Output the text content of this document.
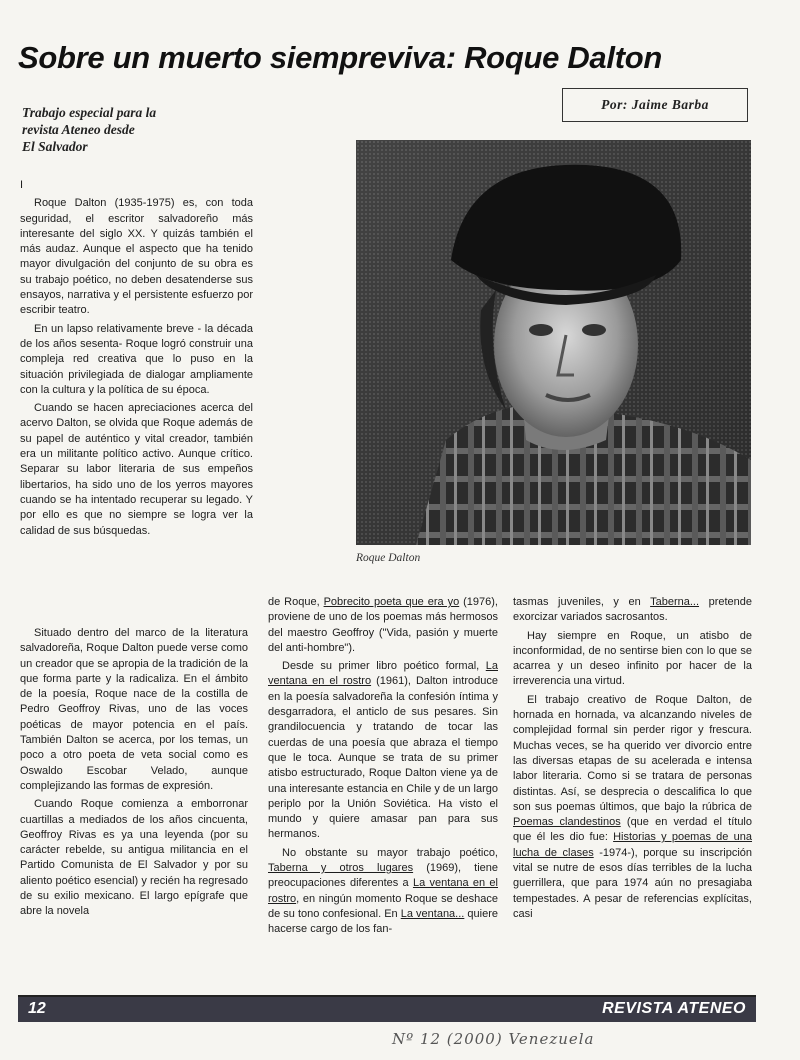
Sobre un muerto siempreviva: Roque Dalton
Trabajo especial para la
revista Ateneo desde
El Salvador
Por: Jaime Barba
Roque Dalton

I

Roque Dalton (1935-1975) es, con toda seguridad, el escritor salvadoreño más interesante del siglo XX. Y quizás también el más audaz. Aunque el aspecto que ha tenido mayor divulgación del conjunto de su obra es su trabajo poético, no deben desatenderse sus ensayos, narrativa y el persistente esfuerzo por escribir teatro.

En un lapso relativamente breve - la década de los años sesenta- Roque logró construir una compleja red creativa que lo puso en la situación privilegiada de dialogar ampliamente con la cultura y la política de su época.

Cuando se hacen apreciaciones acerca del acervo Dalton, se olvida que Roque además de su papel de auténtico y vital creador, también era un militante político activo. Aunque crítico. Separar su labor literaria de sus empeños libertarios, ha sido uno de los yerros mayores cuando se ha intentado recuperar su legado. Y por ello es que no siempre se logra ver la calidad de sus búsquedas.

Situado dentro del marco de la literatura salvadoreña, Roque Dalton puede verse como un creador que se apropia de la tradición de la que forma parte y la radicaliza. En el ámbito de la poesía, Roque nace de la costilla de Pedro Geoffroy Rivas, uno de las voces poéticas de mayor potencia en el país. También Dalton se acerca, por los temas, un poco a otro poeta de veta social como es Oswaldo Escobar Velado, aunque complejizando las formas de expresión.

Cuando Roque comienza a emborronar cuartillas a mediados de los años cincuenta, Geoffroy Rivas es ya una leyenda (por su carácter rebelde, su antigua militancia en el Partido Comunista de El Salvador y por su aliento poético esencial) y recién ha regresado de su exilio mexicano. El largo epígrafe que abre la novela

de Roque, Pobrecito poeta que era yo (1976), proviene de uno de los poemas más hermosos del maestro Geoffroy ("Vida, pasión y muerte del anti-hombre").

Desde su primer libro poético formal, La ventana en el rostro (1961), Dalton introduce en la poesía salvadoreña la confesión íntima y desgarradora, el anticlo de sus pesares. Sin grandilocuencia y tratando de tocar las cuerdas de una poesía que abraza el tiempo que le toca. Aunque se trata de su primer atisbo estructurado, Roque Dalton viene ya de una interesante estancia en Chile y de un largo periplo por la Unión Soviética. Ha visto el mundo y quiere amasar pan para sus hermanos.

No obstante su mayor trabajo poético, Taberna y otros lugares (1969), tiene preocupaciones diferentes a La ventana en el rostro, en ningún momento Roque se deshace de su tono confesional. En La ventana... quiere hacerse cargo de los fan-

tasmas juveniles, y en Taberna... pretende exorcizar variados sacrosantos.

Hay siempre en Roque, un atisbo de inconformidad, de no sentirse bien con lo que se acarrea y un deseo infinito por hacer de la irreverencia una virtud.

El trabajo creativo de Roque Dalton, de hornada en hornada, va alcanzando niveles de complejidad formal sin perder rigor y frescura. Muchas veces, se ha querido ver divorcio entre las diversas etapas de su acelerada e intensa labor literaria. Como si se tratara de personas distintas. Así, se desprecia o descalifica lo que son sus poemas últimos, que bajo la rúbrica de Poemas clandestinos (que en verdad el título que él les dio fue: Historias y poemas de una lucha de clases -1974-), porque su inscripción vital se nutre de esos días terribles de la lucha guerrillera, que para 1974 aún no presagiaba tempestades. A pesar de referencias explícitas, casi

12	REVISTA ATENEO
Nº 12 (2000) Venezuela
